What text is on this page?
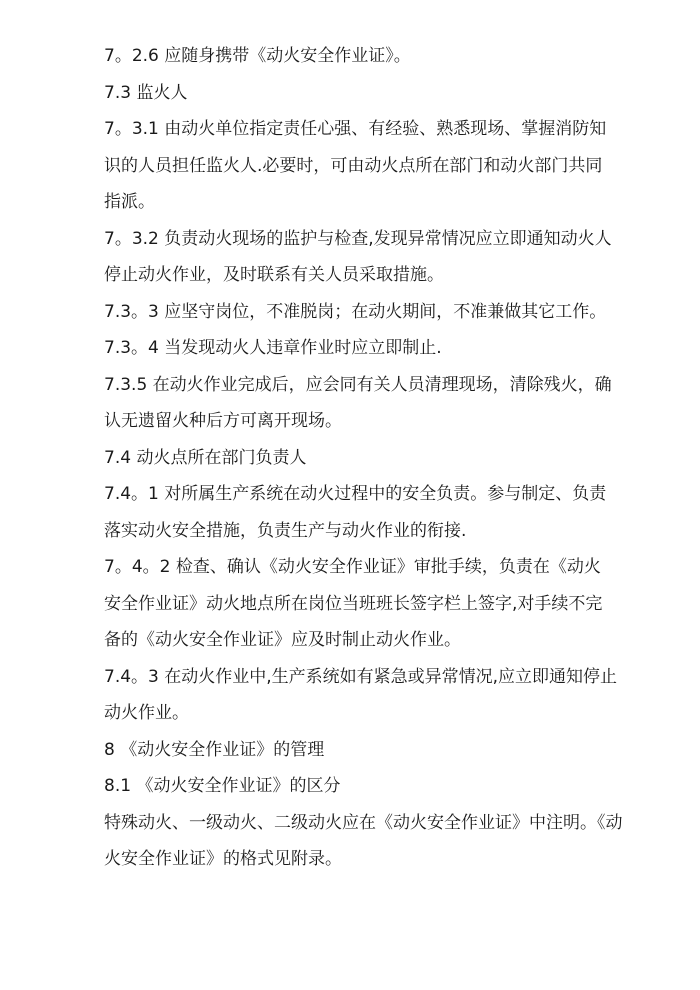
7。2.6 应随身携带《动火安全作业证》。

7.3 监火人

7。3.1 由动火单位指定责任心强、有经验、熟悉现场、掌握消防知
识的人员担任监火人.必要时，可由动火点所在部门和动火部门共同
指派。

7。3.2 负责动火现场的监护与检查,发现异常情况应立即通知动火人
停止动火作业，及时联系有关人员采取措施。

7.3。3 应坚守岗位，不准脱岗；在动火期间，不准兼做其它工作。

7.3。4 当发现动火人违章作业时应立即制止.

7.3.5 在动火作业完成后，应会同有关人员清理现场，清除残火，确
认无遗留火种后方可离开现场。

7.4 动火点所在部门负责人

7.4。1 对所属生产系统在动火过程中的安全负责。参与制定、负责
落实动火安全措施，负责生产与动火作业的衔接.

7。4。2 检查、确认《动火安全作业证》审批手续，负责在《动火
安全作业证》动火地点所在岗位当班班长签字栏上签字,对手续不完
备的《动火安全作业证》应及时制止动火作业。

7.4。3 在动火作业中,生产系统如有紧急或异常情况,应立即通知停止
动火作业。

8 《动火安全作业证》的管理

8.1 《动火安全作业证》的区分

特殊动火、一级动火、二级动火应在《动火安全作业证》中注明。《动
火安全作业证》的格式见附录。
